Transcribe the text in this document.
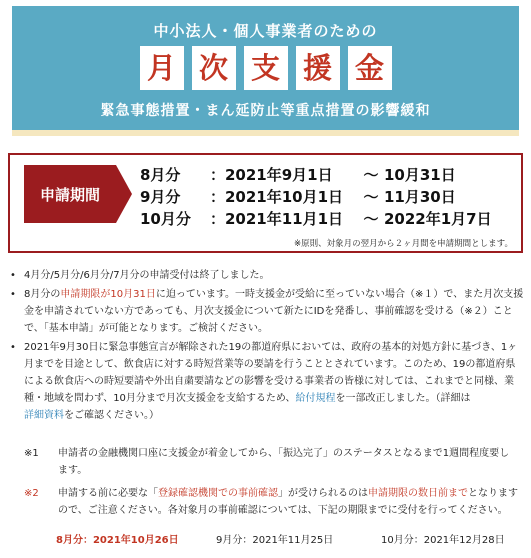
中小法人・個人事業者のための
月 次 支 援 金
緊急事態措置・まん延防止等重点措置の影響緩和
申請期間
8月分	：2021年9月1日	～ 10月31日
9月分	：2021年10月1日	～ 11月30日
10月分	：2021年11月1日	～ 2022年1月7日
※原則、対象月の翌月から２ヶ月間を申請期間とします。
• 4月分/5月分/6月分/7月分の申請受付は終了しました。
• 8月分の申請期限が10月31日に迫っています。一時支援金が受給に至っていない場合（※１）で、また月次支援金を申請されていない方であっても、月次支援金について新たにIDを発番し、事前確認を受ける（※２）ことで、「基本申請」が可能となります。ご検討ください。
• 2021年9月30日に緊急事態宣言が解除された19の都道府県においては、政府の基本的対処方針に基づき、1ヶ月までを目途として、飲食店に対する時短営業等の要請を行うこととされています。このため、19の都道府県による飲食店への時短要請や外出自粛要請などの影響を受ける事業者の皆様に対しては、これまでと同様、業種・地域を問わず、10月分まで月次支援金を支給するため、給付規程を一部改正しました。（詳細は
詳細資料をご確認ください。）
※1 申請者の金融機関口座に支援金が着金してから、「振込完了」のステータスとなるまで1週間程度要します。
※2 申請する前に必要な「登録確認機関での事前確認」が受けられるのは申請期限の数日前までとなりますので、ご注意ください。各対象月の事前確認については、下記の期限までに受付を行ってください。
8月分：2021年10月26日	9月分：2021年11月25日	10月分：2021年12月28日
